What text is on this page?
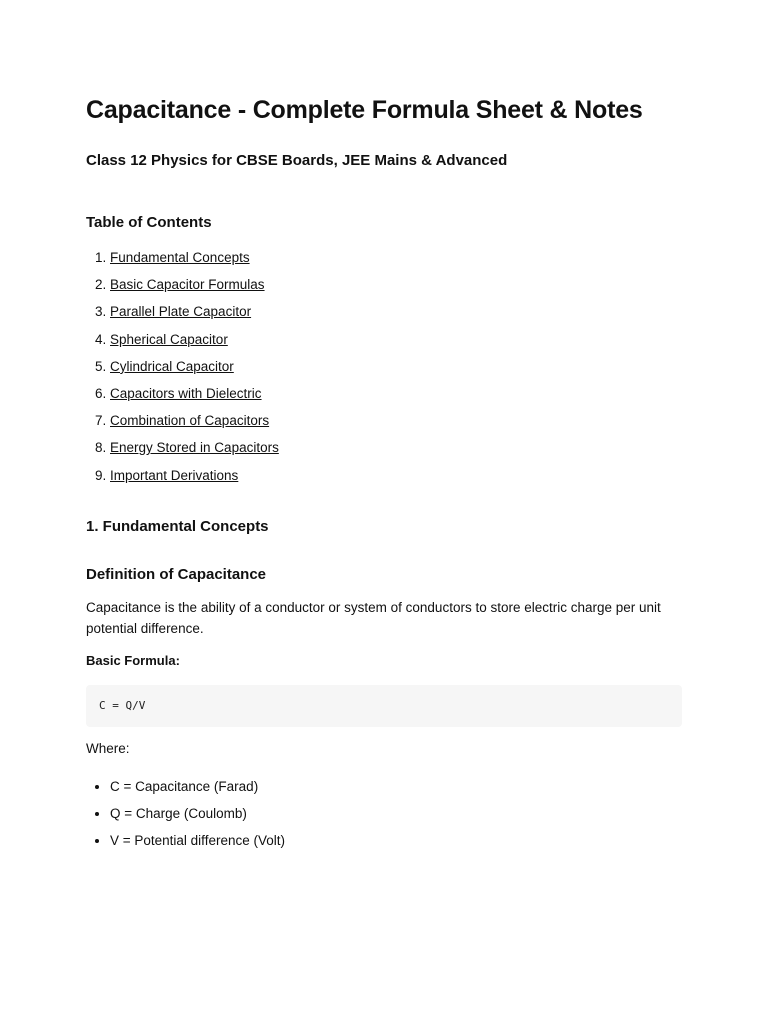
Capacitance - Complete Formula Sheet & Notes

Class 12 Physics for CBSE Boards, JEE Mains & Advanced

Table of Contents

1. Fundamental Concepts
2. Basic Capacitor Formulas
3. Parallel Plate Capacitor
4. Spherical Capacitor
5. Cylindrical Capacitor
6. Capacitors with Dielectric
7. Combination of Capacitors
8. Energy Stored in Capacitors
9. Important Derivations
1. Fundamental Concepts
Definition of Capacitance

Capacitance is the ability of a conductor or system of conductors to store electric charge per unit potential difference.

Basic Formula:

C = Q/V

Where:

• C = Capacitance (Farad)
• Q = Charge (Coulomb)
• V = Potential difference (Volt)
